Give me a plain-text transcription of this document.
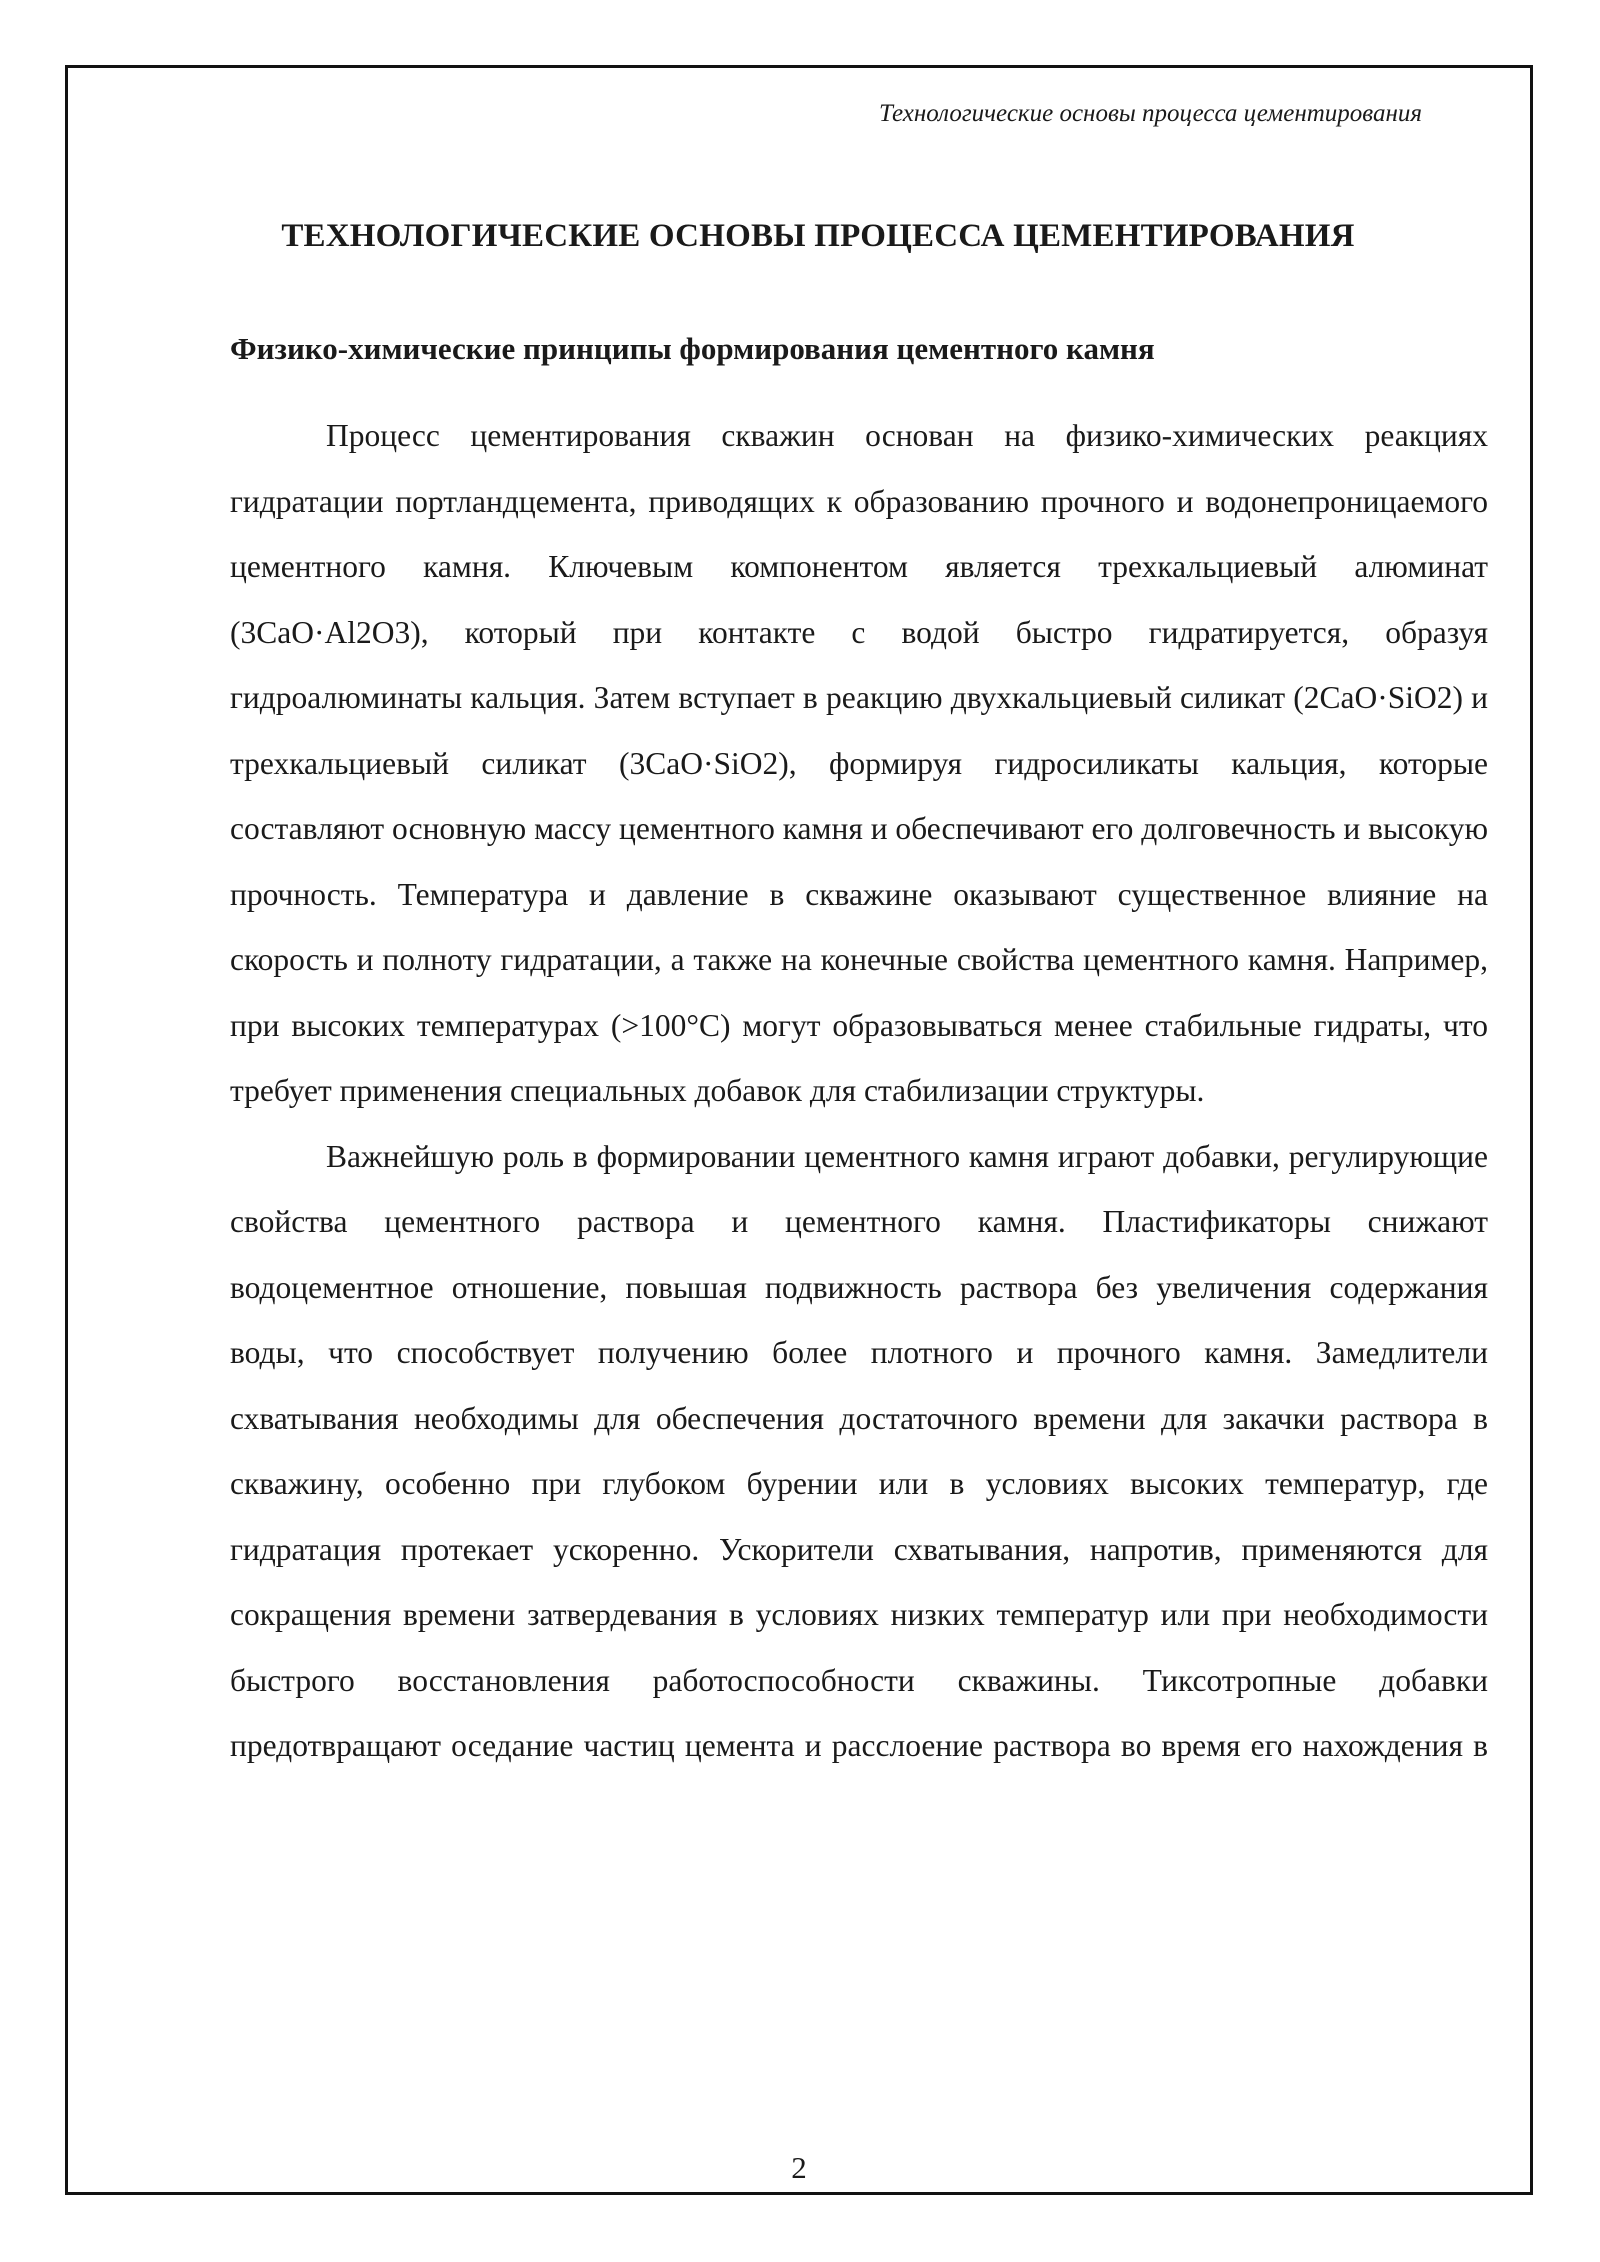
Технологические основы процесса цементирования
ТЕХНОЛОГИЧЕСКИЕ ОСНОВЫ ПРОЦЕССА ЦЕМЕНТИРОВАНИЯ
Физико-химические принципы формирования цементного камня

Процесс цементирования скважин основан на физико-химических реакциях гидратации портландцемента, приводящих к образованию прочного и водонепроницаемого цементного камня. Ключевым компонентом является трехкальциевый алюминат (3CaO·Al2O3), который при контакте с водой быстро гидратируется, образуя гидроалюминаты кальция. Затем вступает в реакцию двухкальциевый силикат (2CaO·SiO2) и трехкальциевый силикат (3CaO·SiO2), формируя гидросиликаты кальция, которые составляют основную массу цементного камня и обеспечивают его долговечность и высокую прочность. Температура и давление в скважине оказывают существенное влияние на скорость и полноту гидратации, а также на конечные свойства цементного камня. Например, при высоких температурах (>100°C) могут образовываться менее стабильные гидраты, что требует применения специальных добавок для стабилизации структуры.

Важнейшую роль в формировании цементного камня играют добавки, регулирующие свойства цементного раствора и цементного камня. Пластификаторы снижают водоцементное отношение, повышая подвижность раствора без увеличения содержания воды, что способствует получению более плотного и прочного камня. Замедлители схватывания необходимы для обеспечения достаточного времени для закачки раствора в скважину, особенно при глубоком бурении или в условиях высоких температур, где гидратация протекает ускоренно. Ускорители схватывания, напротив, применяются для сокращения времени затвердевания в условиях низких температур или при необходимости быстрого восстановления работоспособности скважины. Тиксотропные добавки предотвращают оседание частиц цемента и расслоение раствора во время его нахождения в

2
